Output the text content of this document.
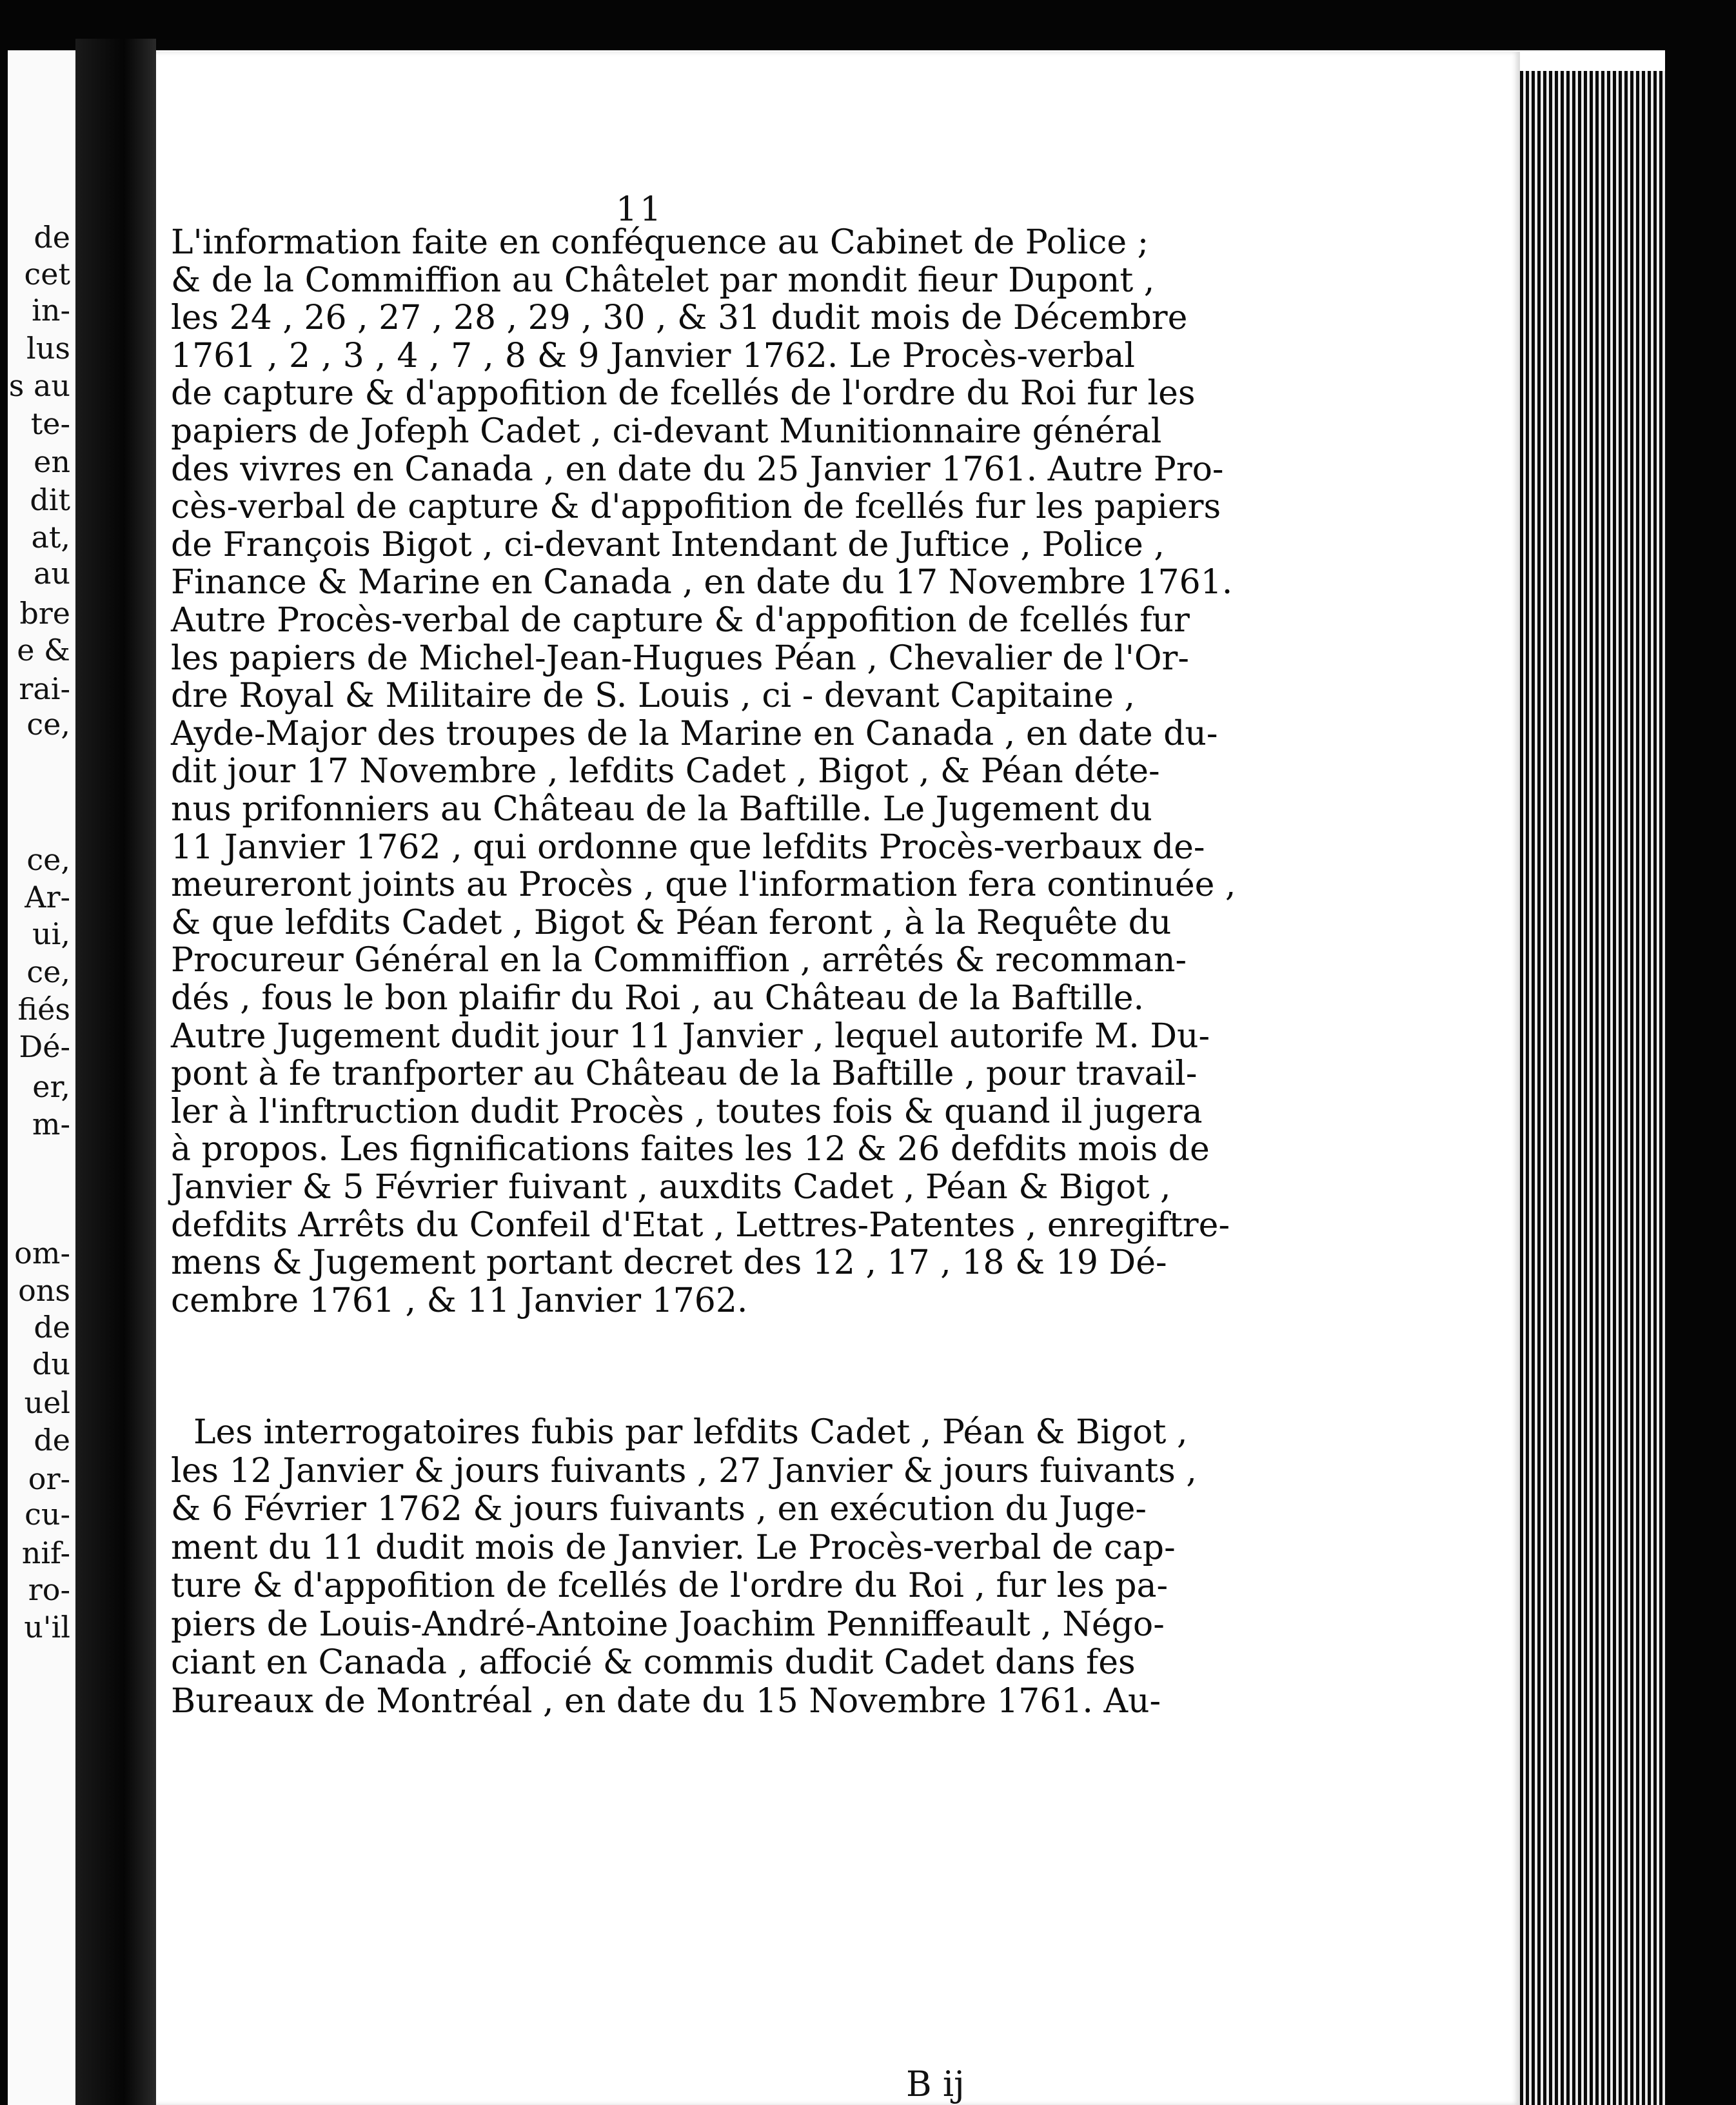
de
cet
in-
lus
s au
te-
en
dit
at,
au
bre
e &
rai-
ce,
ce,
Ar-
ui,
ce,
fiés
Dé-
er,
m-
om-
ons
de
du
uel
de
or-
cu-
nif-
ro-
u'il
11
L'information faite en conféquence au Cabinet de Police ;
& de la Commiffion au Châtelet par mondit fieur Dupont ,
les 24 , 26 , 27 , 28 , 29 , 30 , & 31 dudit mois de Décembre
1761 , 2 , 3 , 4 , 7 , 8 & 9 Janvier 1762. Le Procès-verbal
de capture & d'appofition de fcellés de l'ordre du Roi fur les
papiers de Jofeph Cadet , ci-devant Munitionnaire général
des vivres en Canada , en date du 25 Janvier 1761. Autre Pro-
cès-verbal de capture & d'appofition de fcellés fur les papiers
de François Bigot , ci-devant Intendant de Juftice , Police ,
Finance & Marine en Canada , en date du 17 Novembre 1761.
Autre Procès-verbal de capture & d'appofition de fcellés fur
les papiers de Michel-Jean-Hugues Péan , Chevalier de l'Or-
dre Royal & Militaire de S. Louis , ci - devant Capitaine ,
Ayde-Major des troupes de la Marine en Canada , en date du-
dit jour 17 Novembre , lefdits Cadet , Bigot , & Péan déte-
nus prifonniers au Château de la Baftille. Le Jugement du
11 Janvier 1762 , qui ordonne que lefdits Procès-verbaux de-
meureront joints au Procès , que l'information fera continuée ,
& que lefdits Cadet , Bigot & Péan feront , à la Requête du
Procureur Général en la Commiffion , arrêtés & recomman-
dés , fous le bon plaifir du Roi , au Château de la Baftille.
Autre Jugement dudit jour 11 Janvier , lequel autorife M. Du-
pont à fe tranfporter au Château de la Baftille , pour travail-
ler à l'inftruction dudit Procès , toutes fois & quand il jugera
à propos. Les fignifications faites les 12 & 26 defdits mois de
Janvier & 5 Février fuivant , auxdits Cadet , Péan & Bigot ,
defdits Arrêts du Confeil d'Etat , Lettres-Patentes , enregiftre-
mens & Jugement portant decret des 12 , 17 , 18 & 19 Dé-
cembre 1761 , & 11 Janvier 1762.
Les interrogatoires fubis par lefdits Cadet , Péan & Bigot ,
les 12 Janvier & jours fuivants , 27 Janvier & jours fuivants ,
& 6 Février 1762 & jours fuivants , en exécution du Juge-
ment du 11 dudit mois de Janvier. Le Procès-verbal de cap-
ture & d'appofition de fcellés de l'ordre du Roi , fur les pa-
piers de Louis-André-Antoine Joachim Penniffeault , Négo-
ciant en Canada , affocié & commis dudit Cadet dans fes
Bureaux de Montréal , en date du 15 Novembre 1761. Au-
B ij
